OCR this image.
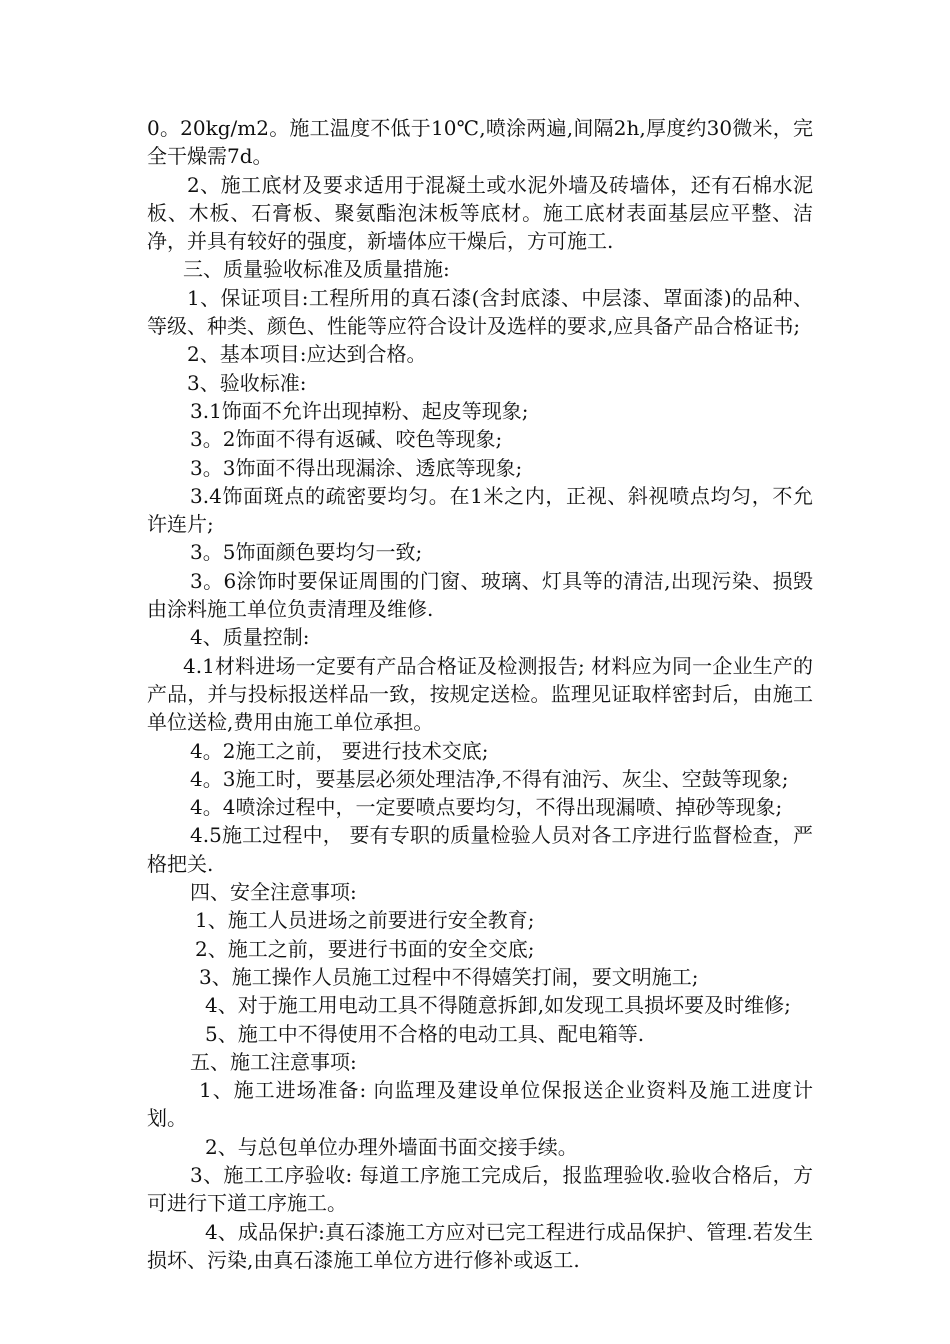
0。20kg/m2。施工温度不低于10℃,喷涂两遍,间隔2h,厚度约30微米，完全干燥需7d。

2、施工底材及要求适用于混凝土或水泥外墙及砖墙体，还有石棉水泥板、木板、石膏板、聚氨酯泡沫板等底材。施工底材表面基层应平整、洁净，并具有较好的强度，新墙体应干燥后，方可施工.

三、质量验收标准及质量措施:

1、保证项目:工程所用的真石漆(含封底漆、中层漆、罩面漆)的品种、等级、种类、颜色、性能等应符合设计及选样的要求,应具备产品合格证书;

2、基本项目:应达到合格。

3、验收标准:

3.1饰面不允许出现掉粉、起皮等现象;

3。2饰面不得有返碱、咬色等现象;

3。3饰面不得出现漏涂、透底等现象;

3.4饰面斑点的疏密要均匀。在1米之内，正视、斜视喷点均匀，不允许连片;

3。5饰面颜色要均匀一致;

3。6涂饰时要保证周围的门窗、玻璃、灯具等的清洁,出现污染、损毁由涂料施工单位负责清理及维修.

4、质量控制:

4.1材料进场一定要有产品合格证及检测报告; 材料应为同一企业生产的产品，并与投标报送样品一致，按规定送检。监理见证取样密封后，由施工单位送检,费用由施工单位承担。

4。2施工之前， 要进行技术交底;

4。3施工时，要基层必须处理洁净,不得有油污、灰尘、空鼓等现象;

4。4喷涂过程中，一定要喷点要均匀，不得出现漏喷、掉砂等现象;

4.5施工过程中， 要有专职的质量检验人员对各工序进行监督检查，严格把关.

四、安全注意事项:

1、施工人员进场之前要进行安全教育;

2、施工之前，要进行书面的安全交底;

3、施工操作人员施工过程中不得嬉笑打闹，要文明施工;

4、对于施工用电动工具不得随意拆卸,如发现工具损坏要及时维修;

5、施工中不得使用不合格的电动工具、配电箱等.

五、施工注意事项:

1、施工进场准备: 向监理及建设单位保报送企业资料及施工进度计划。

2、与总包单位办理外墙面书面交接手续。

3、施工工序验收: 每道工序施工完成后，报监理验收.验收合格后，方可进行下道工序施工。

4、成品保护:真石漆施工方应对已完工程进行成品保护、管理.若发生损坏、污染,由真石漆施工单位方进行修补或返工.
